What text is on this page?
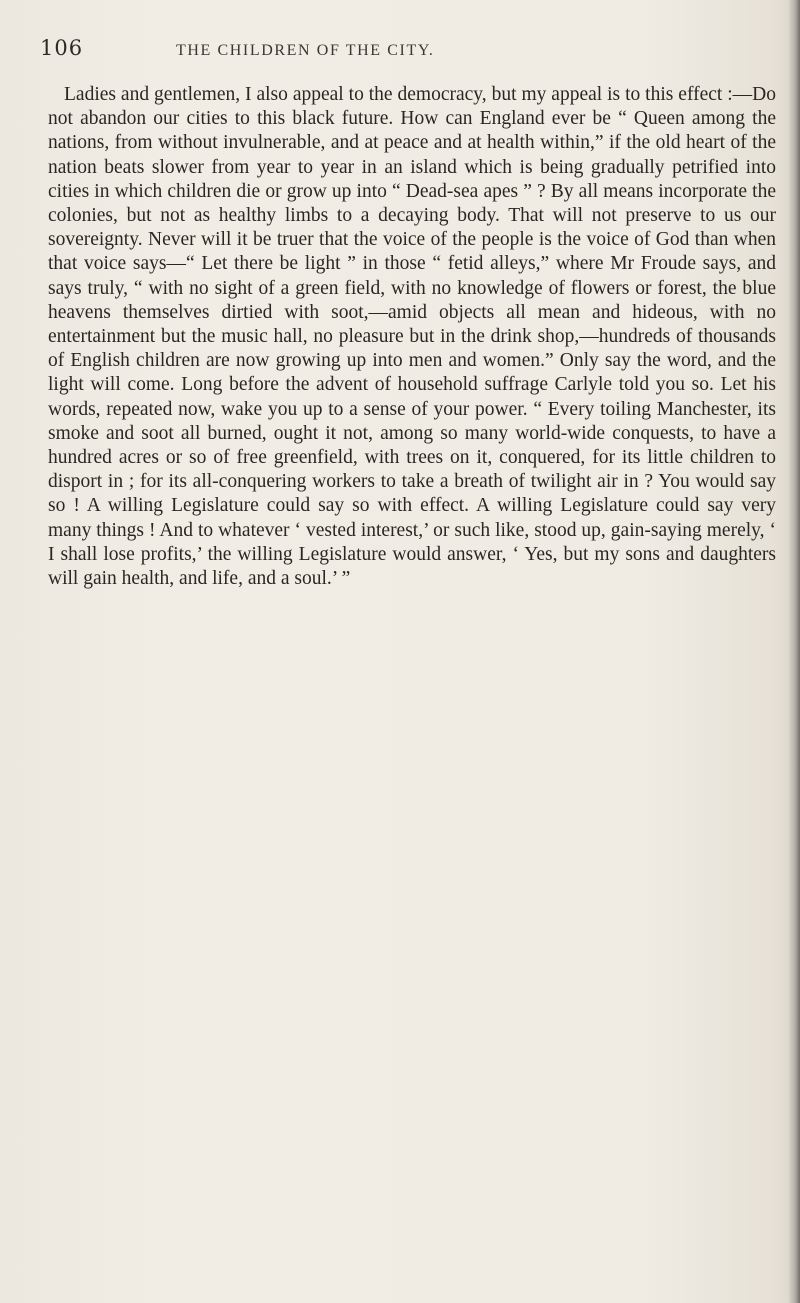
106	THE CHILDREN OF THE CITY.

Ladies and gentlemen, I also appeal to the democracy, but my appeal is to this effect :—Do not abandon our cities to this black future. How can England ever be “ Queen among the nations, from without invulnerable, and at peace and at health within,” if the old heart of the nation beats slower from year to year in an island which is being gradually petrified into cities in which children die or grow up into “ Dead-sea apes ” ? By all means incorporate the colonies, but not as healthy limbs to a decaying body. That will not preserve to us our sovereignty. Never will it be truer that the voice of the people is the voice of God than when that voice says—“ Let there be light ” in those “ fetid alleys,” where Mr Froude says, and says truly, “ with no sight of a green field, with no knowledge of flowers or forest, the blue heavens themselves dirtied with soot,—amid objects all mean and hideous, with no entertainment but the music hall, no pleasure but in the drink shop,—hundreds of thousands of English children are now growing up into men and women.” Only say the word, and the light will come. Long before the advent of household suffrage Carlyle told you so. Let his words, repeated now, wake you up to a sense of your power. “ Every toiling Manchester, its smoke and soot all burned, ought it not, among so many world-wide conquests, to have a hundred acres or so of free greenfield, with trees on it, conquered, for its little children to disport in ; for its all-conquering workers to take a breath of twilight air in ? You would say so ! A willing Legislature could say so with effect. A willing Legislature could say very many things ! And to whatever ‘ vested interest,’ or such like, stood up, gain-saying merely, ‘ I shall lose profits,’ the willing Legislature would answer, ‘ Yes, but my sons and daughters will gain health, and life, and a soul.’ ”
